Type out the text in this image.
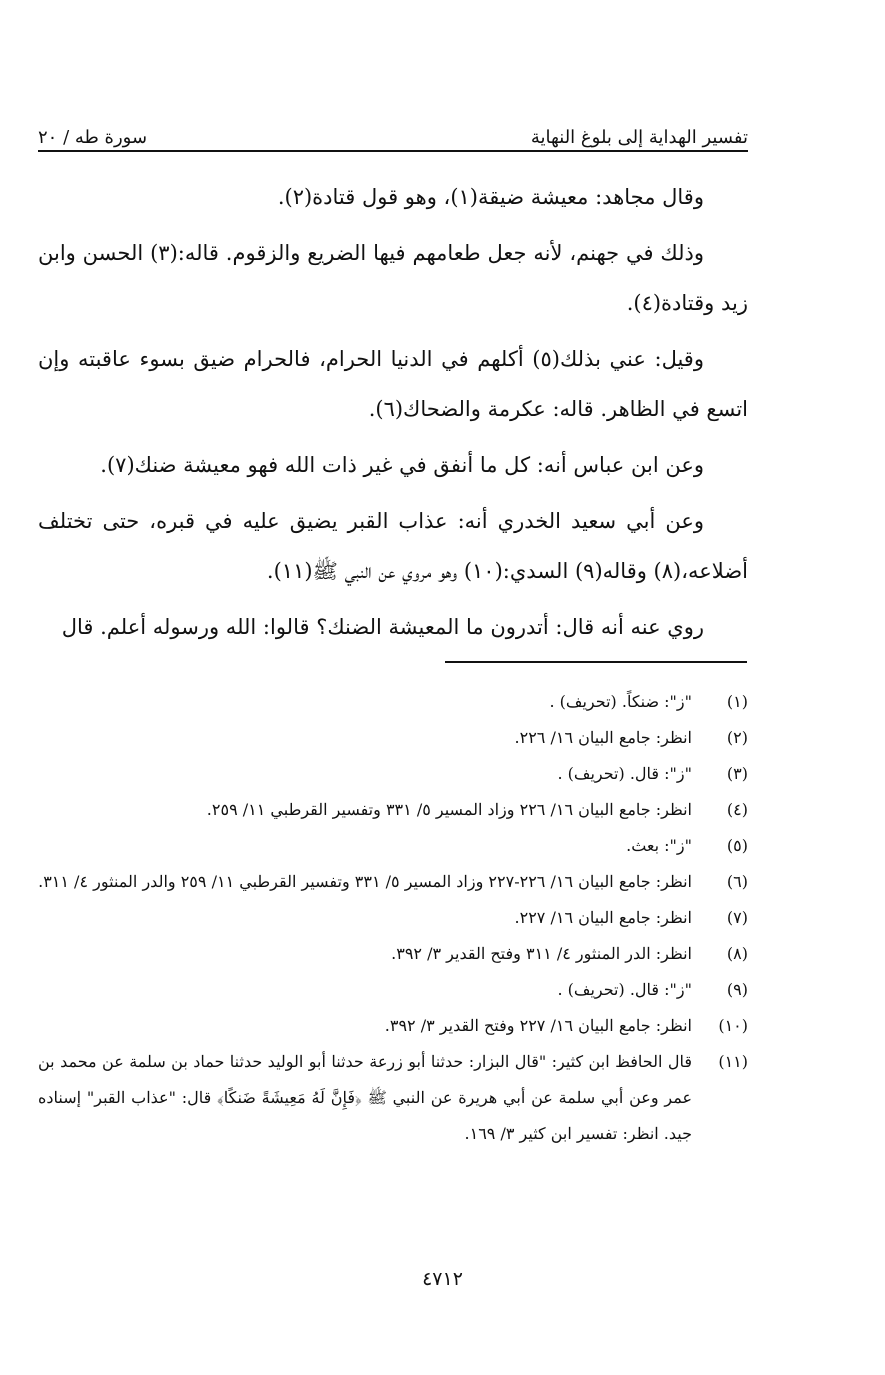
تفسير الهداية إلى بلوغ النهاية
سورة طه / ٢٠

وقال مجاهد: معيشة ضيقة(١)، وهو قول قتادة(٢).

وذلك في جهنم، لأنه جعل طعامهم فيها الضريع والزقوم. قاله:(٣) الحسن وابن زيد وقتادة(٤).

وقيل: عني بذلك(٥) أكلهم في الدنيا الحرام، فالحرام ضيق بسوء عاقبته وإن اتسع في الظاهر. قاله: عكرمة والضحاك(٦).

وعن ابن عباس أنه: كل ما أنفق في غير ذات الله فهو معيشة ضنك(٧).

وعن أبي سعيد الخدري أنه: عذاب القبر يضيق عليه في قبره، حتى تختلف أضلاعه،(٨) وقاله(٩) السدي:(١٠) وهو مروي عن النبي ﷺ(١١).

روي عنه أنه قال: أتدرون ما المعيشة الضنك؟ قالوا: الله ورسوله أعلم. قال

(١)
"ز": ضنكاً. (تحريف) .
(٢)
انظر: جامع البيان ١٦/ ٢٢٦.
(٣)
"ز": قال. (تحريف) .
(٤)
انظر: جامع البيان ١٦/ ٢٢٦ وزاد المسير ٥/ ٣٣١ وتفسير القرطبي ١١/ ٢٥٩.
(٥)
"ز": بعث.
(٦)
انظر: جامع البيان ١٦/ ٢٢٦-٢٢٧ وزاد المسير ٥/ ٣٣١ وتفسير القرطبي ١١/ ٢٥٩ والدر المنثور ٤/ ٣١١.
(٧)
انظر: جامع البيان ١٦/ ٢٢٧.
(٨)
انظر: الدر المنثور ٤/ ٣١١ وفتح القدير ٣/ ٣٩٢.
(٩)
"ز": قال. (تحريف) .
(١٠)
انظر: جامع البيان ١٦/ ٢٢٧ وفتح القدير ٣/ ٣٩٢.
(١١)
قال الحافظ ابن كثير: "قال البزار: حدثنا أبو زرعة حدثنا أبو الوليد حدثنا حماد بن سلمة عن محمد بن عمر وعن أبي سلمة عن أبي هريرة عن النبي ﷺ ﴿فَإِنَّ لَهُ مَعِيشَةً ضَنكًا﴾ قال: "عذاب القبر" إسناده جيد. انظر: تفسير ابن كثير ٣/ ١٦٩.
٤٧١٢
